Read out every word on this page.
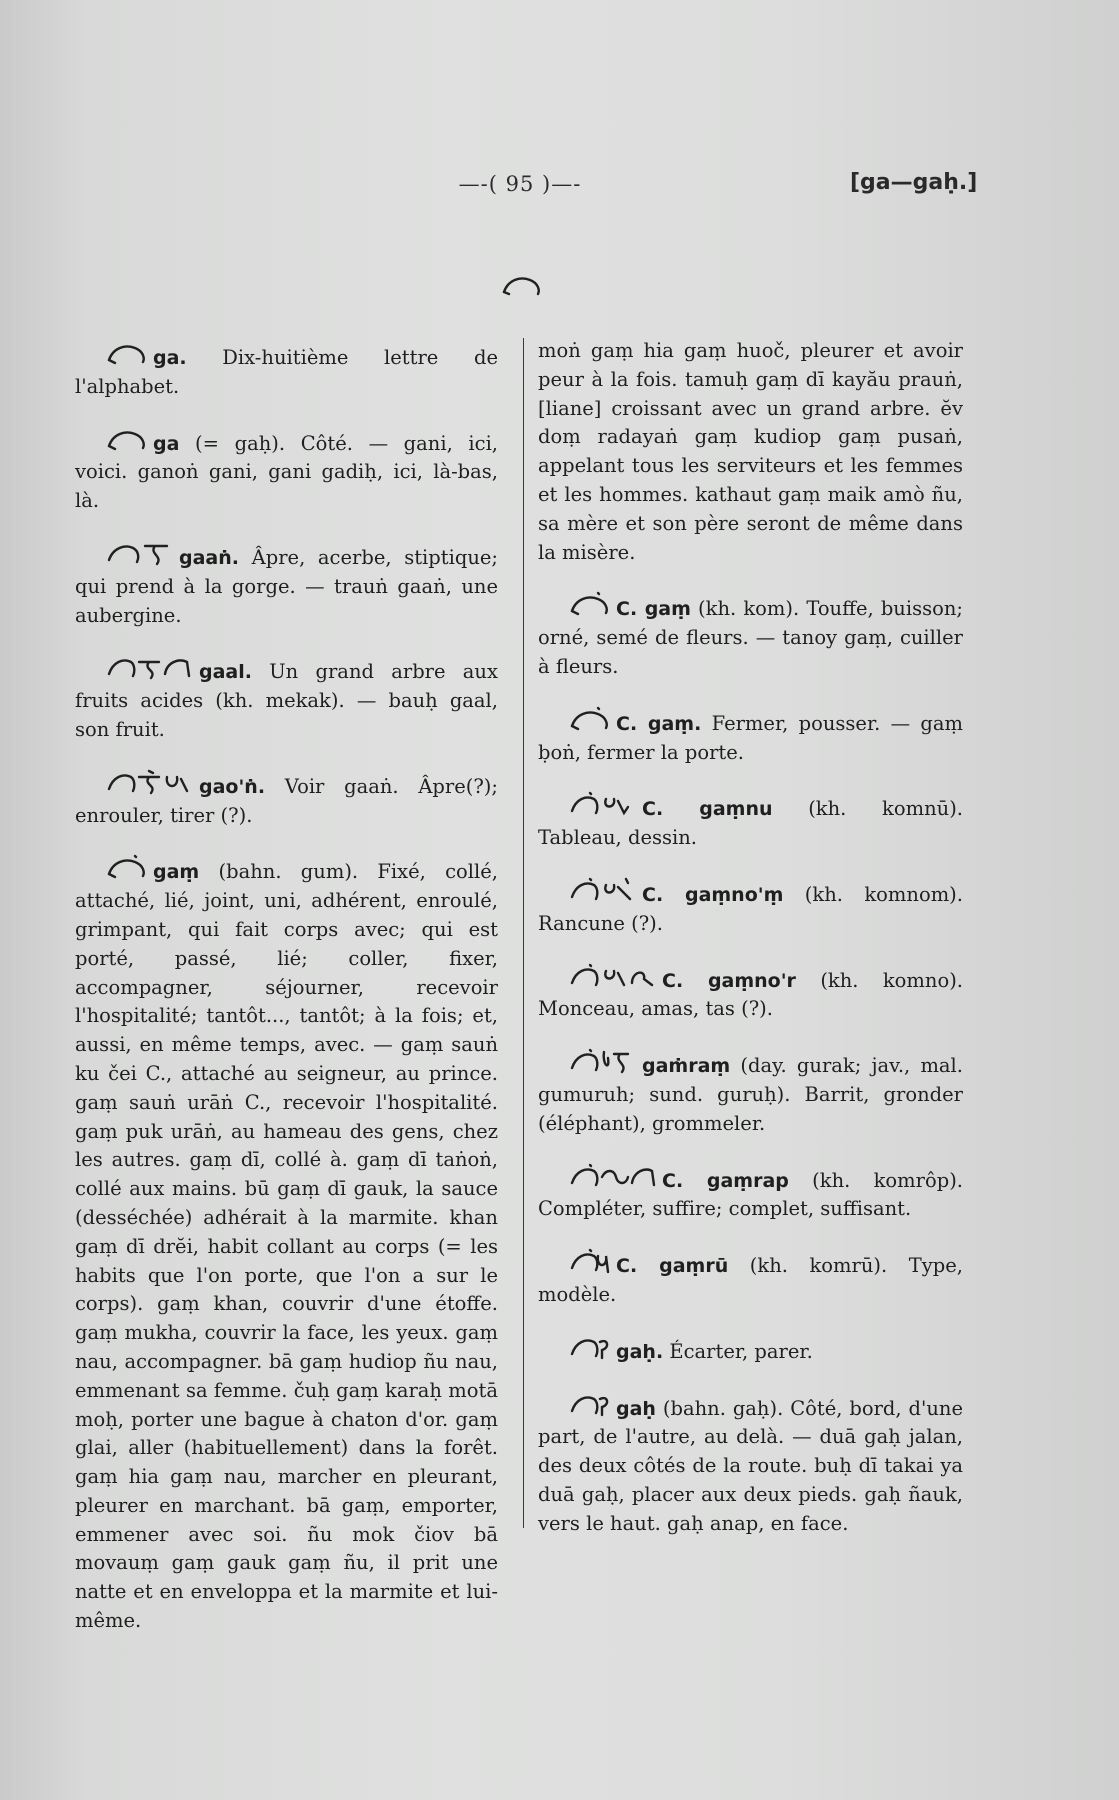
—-( 95 )—-	[ga—gaḥ.]
ga. Dix-huitième lettre de l'alphabet.
ga (= gaḥ). Côté. — gani, ici, voici. ganoṅ gani, gani gadiḥ, ici, là-bas, là.
gaaṅ. Âpre, acerbe, stiptique; qui prend à la gorge. — trauṅ gaaṅ, une aubergine.
gaal. Un grand arbre aux fruits acides (kh. mekak). — bauḥ gaal, son fruit.
gao'ṅ. Voir gaaṅ. Âpre(?); enrouler, tirer (?).
gaṃ (bahn. gum). Fixé, collé, attaché, lié, joint, uni, adhérent, enroulé, grimpant, qui fait corps avec; qui est porté, passé, lié; coller, fixer, accompagner, séjourner, recevoir l'hospitalité; tantôt..., tantôt; à la fois; et, aussi, en même temps, avec. — gaṃ sauṅ ku čei C., attaché au seigneur, au prince. gaṃ sauṅ urāṅ C., recevoir l'hospitalité. gaṃ puk urāṅ, au hameau des gens, chez les autres. gaṃ dī, collé à. gaṃ dī taṅoṅ, collé aux mains. bū gaṃ dī gauk, la sauce (desséchée) adhérait à la marmite. khan gaṃ dī drĕi, habit collant au corps (= les habits que l'on porte, que l'on a sur le corps). gaṃ khan, couvrir d'une étoffe. gaṃ mukha, couvrir la face, les yeux. gaṃ nau, accompagner. bā gaṃ hudiop ñu nau, emmenant sa femme. čuḥ gaṃ karaḥ motā moḥ, porter une bague à chaton d'or. gaṃ glai, aller (habituellement) dans la forêt. gaṃ hia gaṃ nau, marcher en pleurant, pleurer en marchant. bā gaṃ, emporter, emmener avec soi. ñu mok čiov bā movauṃ gaṃ gauk gaṃ ñu, il prit une natte et en enveloppa et la marmite et lui-même.
moṅ gaṃ hia gaṃ huoč, pleurer et avoir peur à la fois. tamuḥ gaṃ dī kayău prauṅ, [liane] croissant avec un grand arbre. ĕv doṃ radayaṅ gaṃ kudiop gaṃ pusaṅ, appelant tous les serviteurs et les femmes et les hommes. kathaut gaṃ maik amò ñu, sa mère et son père seront de même dans la misère.
C. gaṃ (kh. kom). Touffe, buisson; orné, semé de fleurs. — tanoy gaṃ, cuiller à fleurs.
C. gaṃ. Fermer, pousser. — gaṃ ḅoṅ, fermer la porte.
C. gaṃnu (kh. komnū). Tableau, dessin.
C. gaṃno'ṃ (kh. komnom). Rancune (?).
C. gaṃno'r (kh. komno). Monceau, amas, tas (?).
gaṁraṃ (day. gurak; jav., mal. gumuruh; sund. guruḥ). Barrit, gronder (éléphant), grommeler.
C. gaṃrap (kh. komrôp). Compléter, suffire; complet, suffisant.
C. gaṃrū (kh. komrū). Type, modèle.
gaḥ. Écarter, parer.
gaḥ (bahn. gaḥ). Côté, bord, d'une part, de l'autre, au delà. — duā gaḥ jalan, des deux côtés de la route. buḥ dī takai ya duā gaḥ, placer aux deux pieds. gaḥ ñauk, vers le haut. gaḥ anap, en face.
